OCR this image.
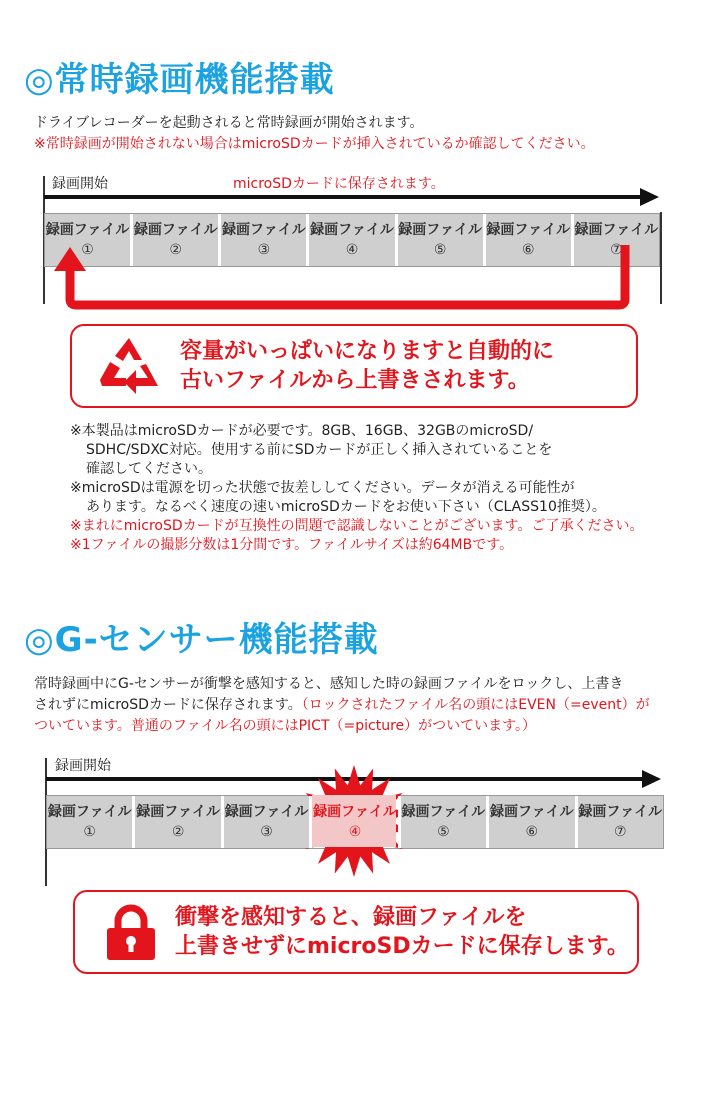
◎常時録画機能搭載
ドライブレコーダーを起動されると常時録画が開始されます。
※常時録画が開始されない場合はmicroSDカードが挿入されているか確認してください。
録画開始	microSDカードに保存されます。
録画ファイル
①
録画ファイル
②
録画ファイル
③
録画ファイル
④
録画ファイル
⑤
録画ファイル
⑥
録画ファイル
⑦
容量がいっぱいになりますと自動的に
古いファイルから上書きされます。
※本製品はmicroSDカードが必要です。8GB、16GB、32GBのmicroSD/
SDHC/SDXC対応。使用する前にSDカードが正しく挿入されていることを
確認してください。
※microSDは電源を切った状態で抜差ししてください。データが消える可能性が
あります。なるべく速度の速いmicroSDカードをお使い下さい（CLASS10推奨）。
※まれにmicroSDカードが互換性の問題で認識しないことがございます。ご了承ください。
※1ファイルの撮影分数は1分間です。ファイルサイズは約64MBです。
◎G-センサー機能搭載
常時録画中にG-センサーが衝撃を感知すると、感知した時の録画ファイルをロックし、上書き
されずにmicroSDカードに保存されます。（ロックされたファイル名の頭にはEVEN（=event）が
ついています。普通のファイル名の頭にはPICT（=picture）がついています。）
録画開始
録画ファイル
①
録画ファイル
②
録画ファイル
③
録画ファイル
④
録画ファイル
⑤
録画ファイル
⑥
録画ファイル
⑦
衝撃を感知すると、録画ファイルを
上書きせずにmicroSDカードに保存します。
